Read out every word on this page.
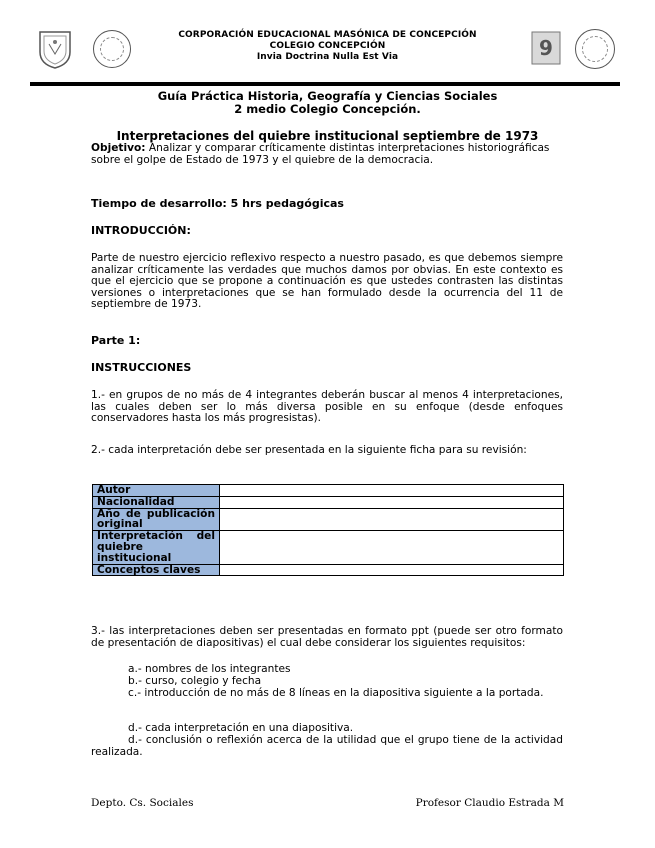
9
CORPORACIÓN EDUCACIONAL MASÓNICA DE CONCEPCIÓN
COLEGIO CONCEPCIÓN
Invia Doctrina Nulla Est Via
Guía Práctica Historia, Geografía y Ciencias Sociales
2 medio Colegio Concepción.
Interpretaciones del quiebre institucional septiembre de 1973
Objetivo: Analizar y comparar críticamente distintas interpretaciones historiográficas sobre el golpe de Estado de 1973 y el quiebre de la democracia.
Tiempo de desarrollo: 5 hrs pedagógicas
INTRODUCCIÓN:
Parte de nuestro ejercicio reflexivo respecto a nuestro pasado, es que debemos siempre analizar críticamente las verdades que muchos damos por obvias. En este contexto es que el ejercicio que se propone a continuación es que ustedes contrasten las distintas versiones o interpretaciones que se han formulado desde la ocurrencia del 11 de septiembre de 1973.
Parte 1:
INSTRUCCIONES
1.- en grupos de no más de 4 integrantes deberán buscar al menos 4 interpretaciones, las cuales deben ser lo más diversa posible en su enfoque (desde enfoques conservadores hasta los más progresistas).
2.- cada interpretación debe ser presentada en la siguiente ficha para su revisión:
Autor	
Nacionalidad	
Año de publicación original	
Interpretación del quiebre institucional	
Conceptos claves	
3.- las interpretaciones deben ser presentadas en formato ppt (puede ser otro formato de presentación de diapositivas) el cual debe considerar los siguientes requisitos:
a.- nombres de los integrantes
b.- curso, colegio y fecha
c.- introducción de no más de 8 líneas en la diapositiva siguiente a la portada.
d.- cada interpretación en una diapositiva.
d.- conclusión o reflexión acerca de la utilidad que el grupo tiene de la actividad realizada.
Depto. Cs. Sociales	Profesor Claudio Estrada M
